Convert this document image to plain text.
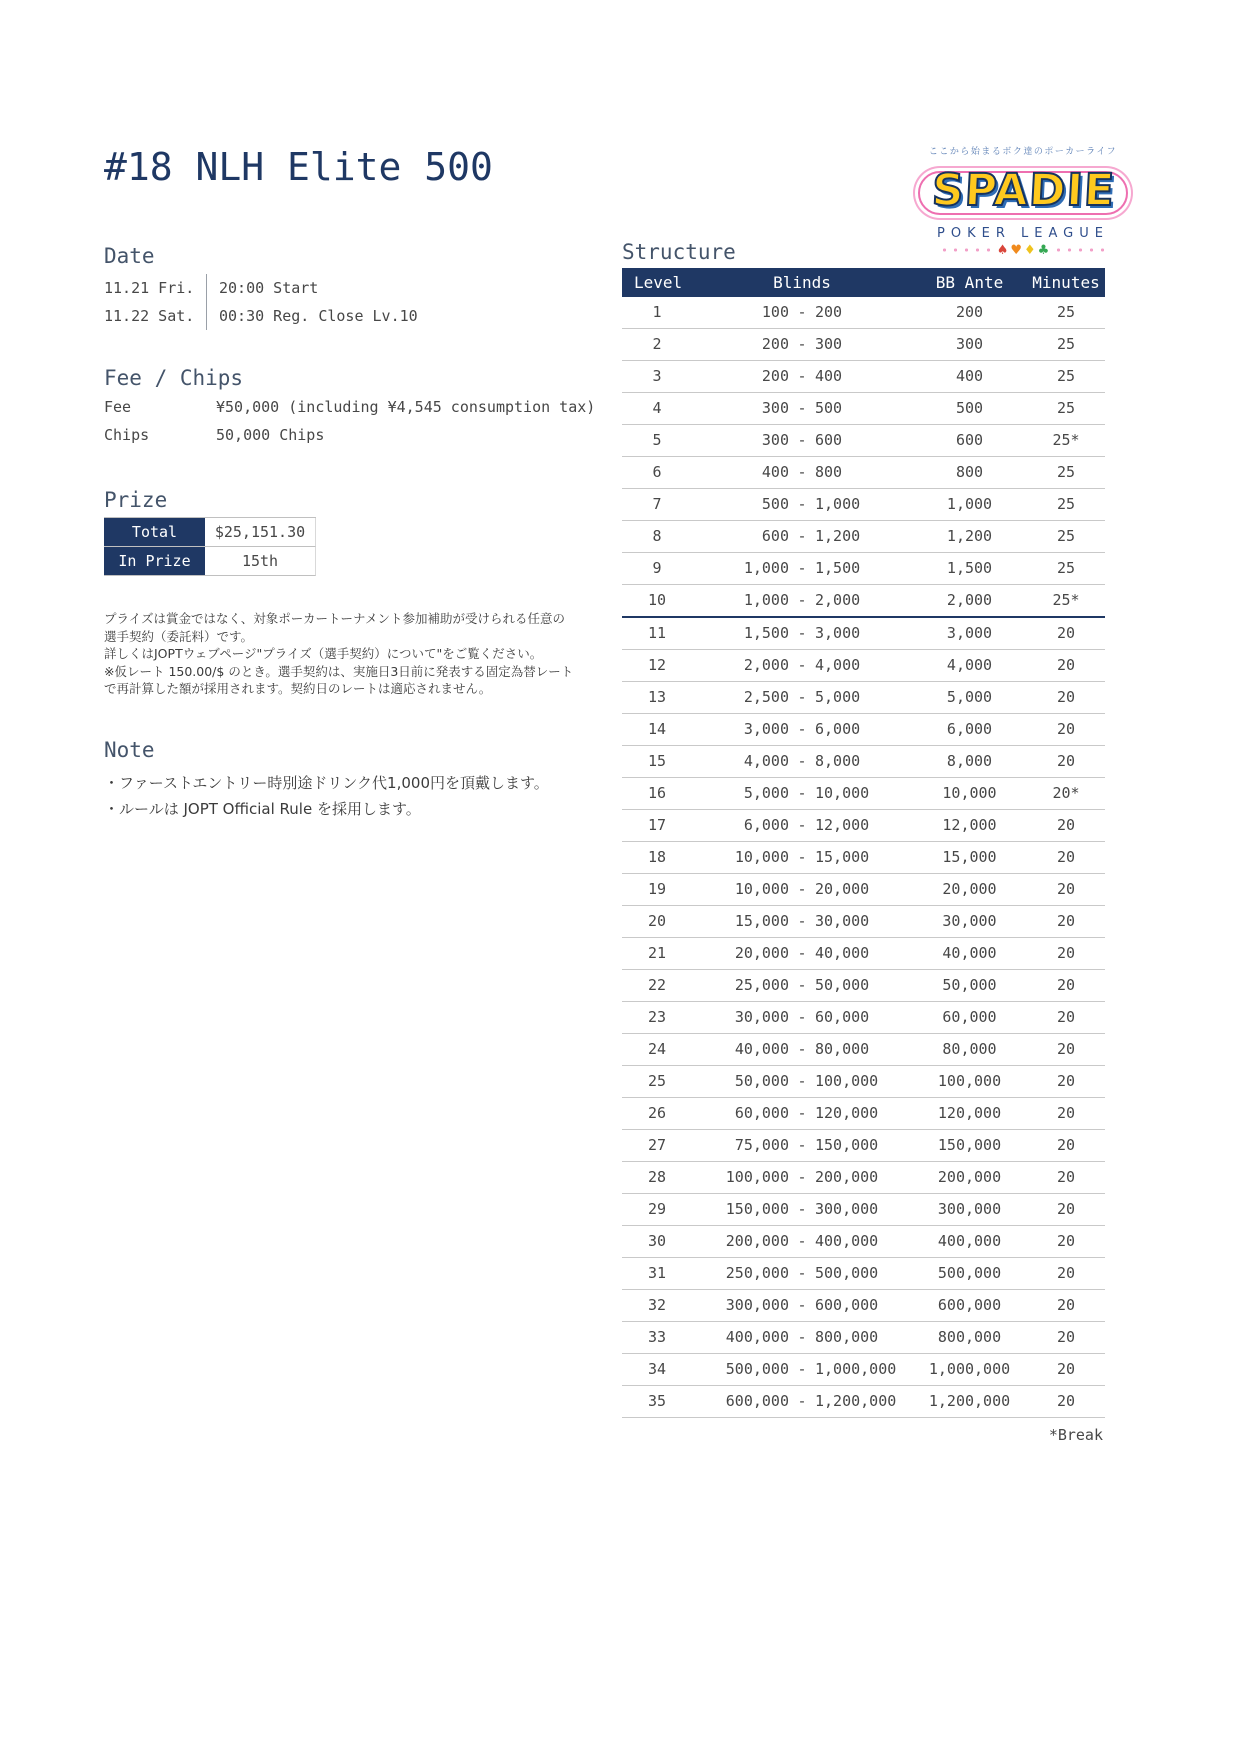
#18 NLH Elite 500	ここから始まるボク達のポーカーライフ
SPADIE
POKER LEAGUE
♠ ♥ ♦ ♣
Date
11.21 Fri.	20:00 Start
11.22 Sat.	00:30 Reg. Close Lv.10
Fee / Chips
Fee	¥50,000 (including ¥4,545 consumption tax)
Chips	50,000 Chips
Prize
Total	$25,151.30
In Prize	15th
プライズは賞金ではなく、対象ポーカートーナメント参加補助が受けられる任意の
選手契約（委託料）です。
詳しくはJOPTウェブページ"プライズ（選手契約）について"をご覧ください。
※仮レート 150.00/$ のとき。選手契約は、実施日3日前に発表する固定為替レート
で再計算した額が採用されます。契約日のレートは適応されません。
Note
・ファーストエントリー時別途ドリンク代1,000円を頂戴します。
・ルールは JOPT Official Rule を採用します。
Structure
Level	Blinds	BB Ante	Minutes
1	100 - 200	200	25
2	200 - 300	300	25
3	200 - 400	400	25
4	300 - 500	500	25
5	300 - 600	600	25*
6	400 - 800	800	25
7	500 - 1,000	1,000	25
8	600 - 1,200	1,200	25
9	1,000 - 1,500	1,500	25
10	1,000 - 2,000	2,000	25*
11	1,500 - 3,000	3,000	20
12	2,000 - 4,000	4,000	20
13	2,500 - 5,000	5,000	20
14	3,000 - 6,000	6,000	20
15	4,000 - 8,000	8,000	20
16	5,000 - 10,000	10,000	20*
17	6,000 - 12,000	12,000	20
18	10,000 - 15,000	15,000	20
19	10,000 - 20,000	20,000	20
20	15,000 - 30,000	30,000	20
21	20,000 - 40,000	40,000	20
22	25,000 - 50,000	50,000	20
23	30,000 - 60,000	60,000	20
24	40,000 - 80,000	80,000	20
25	50,000 - 100,000	100,000	20
26	60,000 - 120,000	120,000	20
27	75,000 - 150,000	150,000	20
28	100,000 - 200,000	200,000	20
29	150,000 - 300,000	300,000	20
30	200,000 - 400,000	400,000	20
31	250,000 - 500,000	500,000	20
32	300,000 - 600,000	600,000	20
33	400,000 - 800,000	800,000	20
34	500,000 - 1,000,000	1,000,000	20
35	600,000 - 1,200,000	1,200,000	20
*Break
